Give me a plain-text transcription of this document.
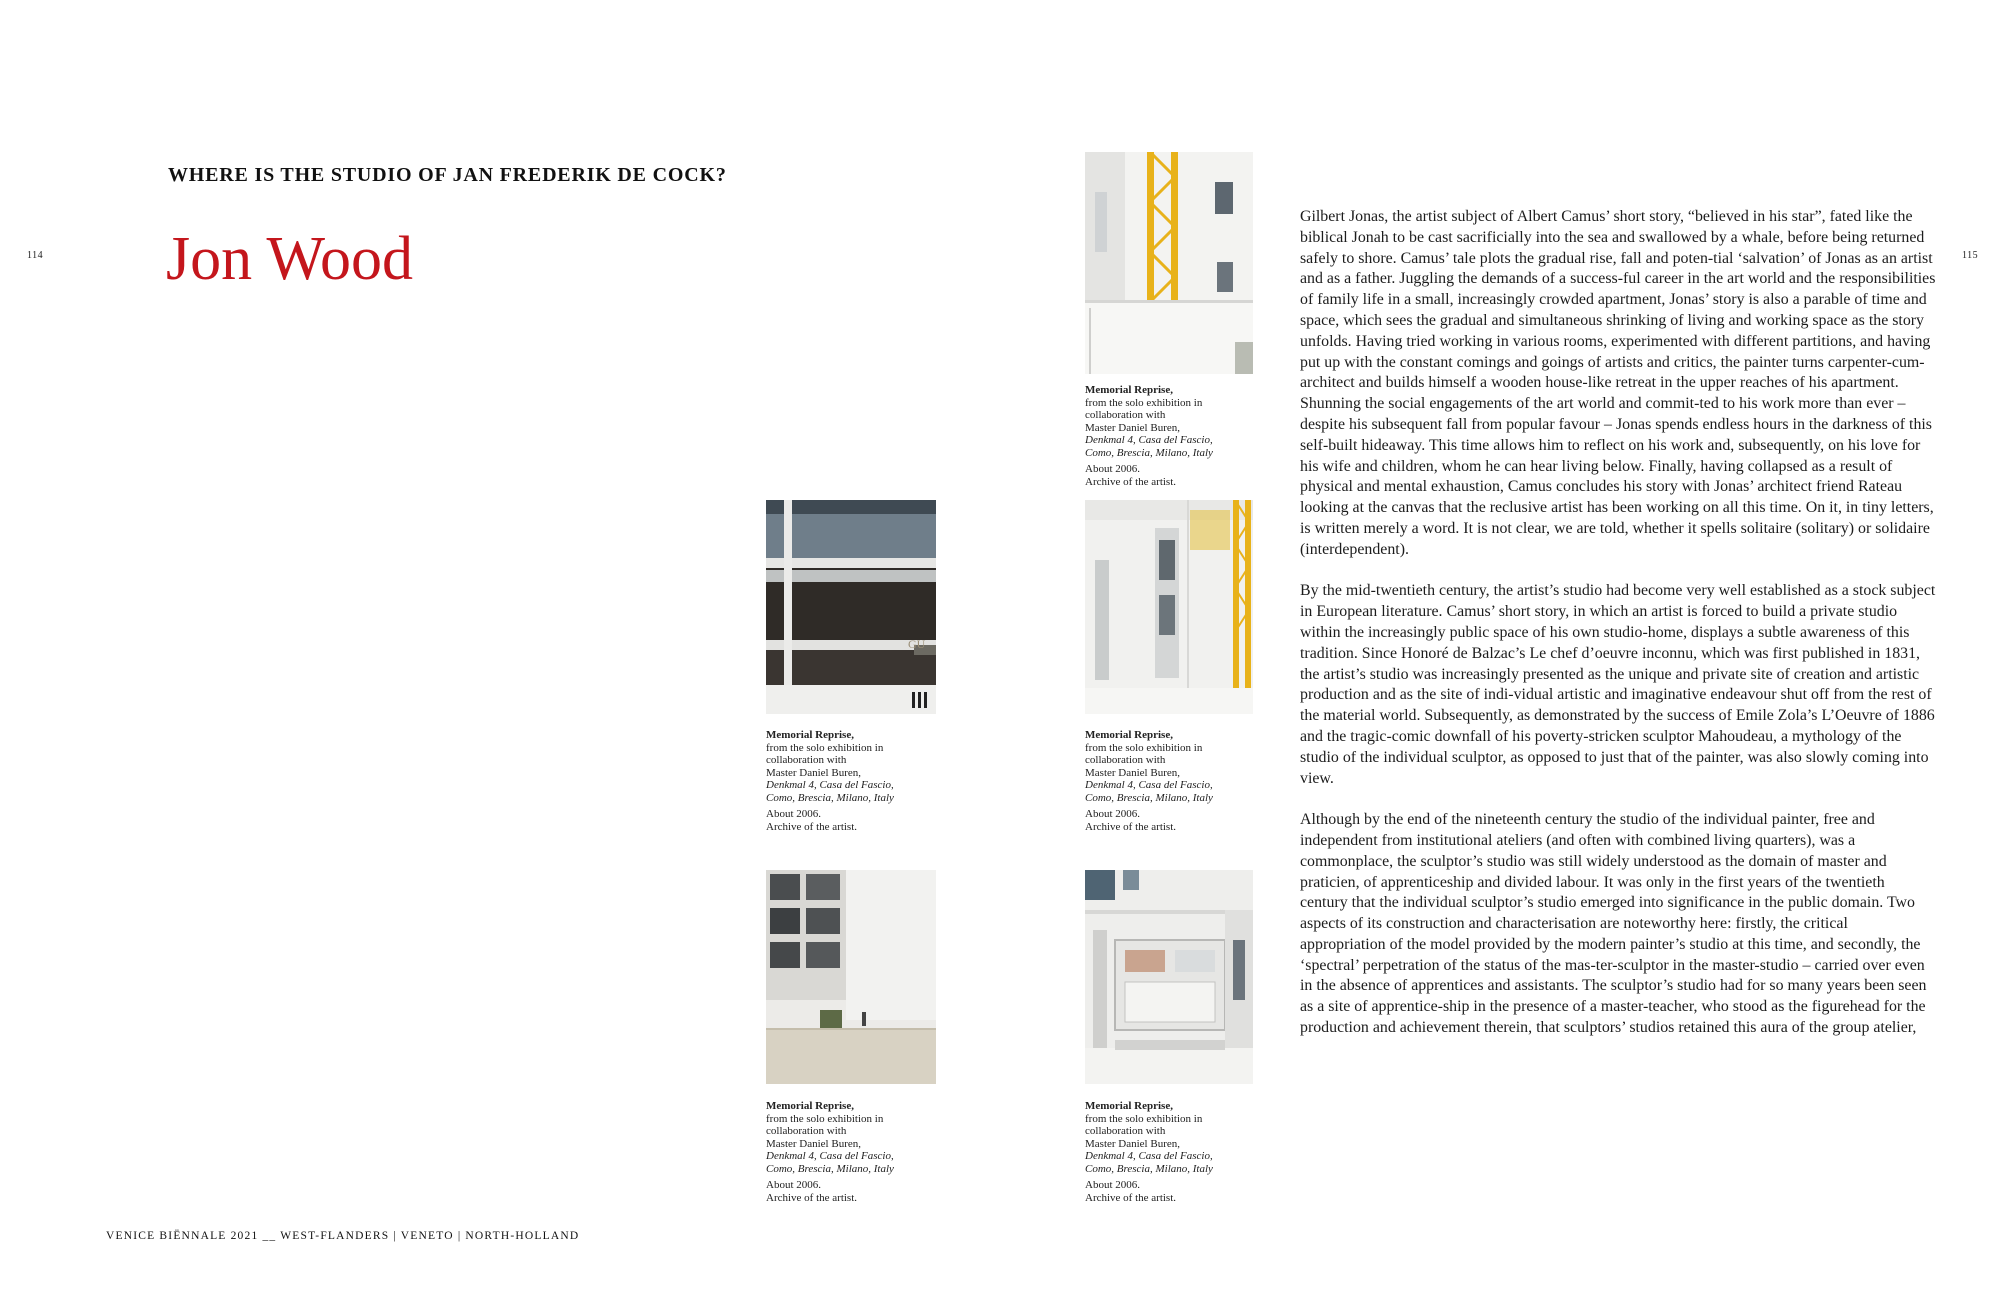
114	115
WHERE IS THE STUDIO OF JAN FREDERIK DE COCK?
Jon Wood
Memorial Reprise,
from the solo exhibition in
collaboration with
Master Daniel Buren,
Denkmal 4, Casa del Fascio,
Como, Brescia, Milano, Italy
About 2006.
Archive of the artist.
GU
Memorial Reprise,
from the solo exhibition in
collaboration with
Master Daniel Buren,
Denkmal 4, Casa del Fascio,
Como, Brescia, Milano, Italy
About 2006.
Archive of the artist.
Memorial Reprise,
from the solo exhibition in
collaboration with
Master Daniel Buren,
Denkmal 4, Casa del Fascio,
Como, Brescia, Milano, Italy
About 2006.
Archive of the artist.
Memorial Reprise,
from the solo exhibition in
collaboration with
Master Daniel Buren,
Denkmal 4, Casa del Fascio,
Como, Brescia, Milano, Italy
About 2006.
Archive of the artist.
Memorial Reprise,
from the solo exhibition in
collaboration with
Master Daniel Buren,
Denkmal 4, Casa del Fascio,
Como, Brescia, Milano, Italy
About 2006.
Archive of the artist.

Gilbert Jonas, the artist subject of Albert Camus’ short story, “believed in his star”, fated like the biblical Jonah to be cast sacrificially into the sea and swallowed by a whale, before being returned safely to shore. Camus’ tale plots the gradual rise, fall and poten-tial ‘salvation’ of Jonas as an artist and as a father. Juggling the demands of a success-ful career in the art world and the responsibilities of family life in a small, increasingly crowded apartment, Jonas’ story is also a parable of time and space, which sees the gradual and simultaneous shrinking of living and working space as the story unfolds. Having tried working in various rooms, experimented with different partitions, and having put up with the constant comings and goings of artists and critics, the painter turns carpenter-cum-architect and builds himself a wooden house-like retreat in the upper reaches of his apartment. Shunning the social engagements of the art world and commit-ted to his work more than ever – despite his subsequent fall from popular favour – Jonas spends endless hours in the darkness of this self-built hideaway. This time allows him to reflect on his work and, subsequently, on his love for his wife and children, whom he can hear living below. Finally, having collapsed as a result of physical and mental exhaustion, Camus concludes his story with Jonas’ architect friend Rateau looking at the canvas that the reclusive artist has been working on all this time. On it, in tiny letters, is written merely a word. It is not clear, we are told, whether it spells solitaire (solitary) or solidaire (interdependent).

By the mid-twentieth century, the artist’s studio had become very well established as a stock subject in European literature. Camus’ short story, in which an artist is forced to build a private studio within the increasingly public space of his own studio-home, displays a subtle awareness of this tradition. Since Honoré de Balzac’s Le chef d’oeuvre inconnu, which was first published in 1831, the artist’s studio was increasingly presented as the unique and private site of creation and artistic production and as the site of indi-vidual artistic and imaginative endeavour shut off from the rest of the material world. Subsequently, as demonstrated by the success of Emile Zola’s L’Oeuvre of 1886 and the tragic-comic downfall of his poverty-stricken sculptor Mahoudeau, a mythology of the studio of the individual sculptor, as opposed to just that of the painter, was also slowly coming into view.

Although by the end of the nineteenth century the studio of the individual painter, free and independent from institutional ateliers (and often with combined living quarters), was a commonplace, the sculptor’s studio was still widely understood as the domain of master and praticien, of apprenticeship and divided labour. It was only in the first years of the twentieth century that the individual sculptor’s studio emerged into significance in the public domain. Two aspects of its construction and characterisation are noteworthy here: firstly, the critical appropriation of the model provided by the modern painter’s studio at this time, and secondly, the ‘spectral’ perpetration of the status of the mas-ter-sculptor in the master-studio – carried over even in the absence of apprentices and assistants. The sculptor’s studio had for so many years been seen as a site of apprentice-ship in the presence of a master-teacher, who stood as the figurehead for the production and achievement therein, that sculptors’ studios retained this aura of the group atelier,

VENICE BIËNNALE 2021 __ WEST-FLANDERS | VENETO | NORTH-HOLLAND
